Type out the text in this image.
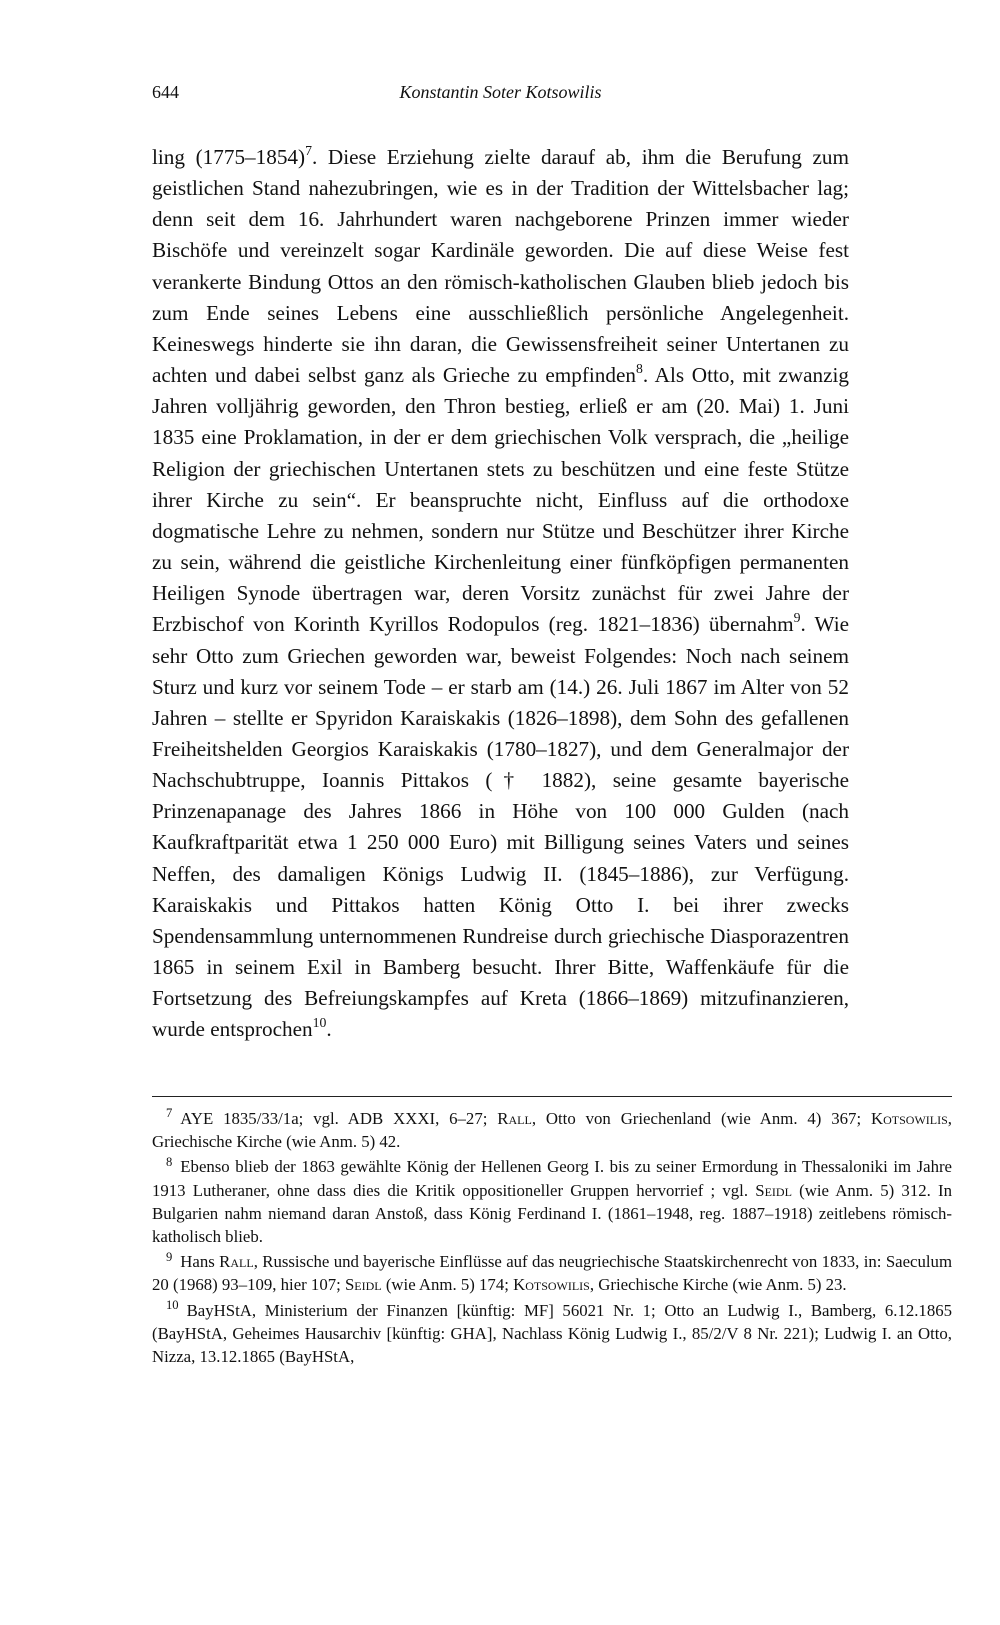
644	Konstantin Soter Kotsowilis

ling (1775–1854)$^7$. Diese Erziehung zielte darauf ab, ihm die Berufung zum geistlichen Stand nahezubringen, wie es in der Tradition der Wittelsbacher lag; denn seit dem 16. Jahrhundert waren nachgeborene Prinzen immer wieder Bischöfe und vereinzelt sogar Kardinäle geworden. Die auf diese Weise fest verankerte Bindung Ottos an den römisch-katholischen Glauben blieb jedoch bis zum Ende seines Lebens eine ausschließlich persönliche Angelegenheit. Keineswegs hinderte sie ihn daran, die Gewissensfreiheit seiner Untertanen zu achten und dabei selbst ganz als Grieche zu empfinden$^8$. Als Otto, mit zwanzig Jahren volljährig geworden, den Thron bestieg, erließ er am (20. Mai) 1. Juni 1835 eine Proklamation, in der er dem griechischen Volk versprach, die „heilige Religion der griechischen Untertanen stets zu beschützen und eine feste Stütze ihrer Kirche zu sein“. Er beanspruchte nicht, Einfluss auf die orthodoxe dogmatische Lehre zu nehmen, sondern nur Stütze und Beschützer ihrer Kirche zu sein, während die geistliche Kirchenleitung einer fünfköpfigen permanenten Heiligen Synode übertragen war, deren Vorsitz zunächst für zwei Jahre der Erzbischof von Korinth Kyrillos Rodopulos (reg. 1821–1836) übernahm$^9$. Wie sehr Otto zum Griechen geworden war, beweist Folgendes: Noch nach seinem Sturz und kurz vor seinem Tode – er starb am (14.) 26. Juli 1867 im Alter von 52 Jahren – stellte er Spyridon Karaiskakis (1826–1898), dem Sohn des gefallenen Freiheitshelden Georgios Karaiskakis (1780–1827), und dem Generalmajor der Nachschubtruppe, Ioannis Pittakos († 1882), seine gesamte bayerische Prinzenapanage des Jahres 1866 in Höhe von 100 000 Gulden (nach Kaufkraftparität etwa 1 250 000 Euro) mit Billigung seines Vaters und seines Neffen, des damaligen Königs Ludwig II. (1845–1886), zur Verfügung. Karaiskakis und Pittakos hatten König Otto I. bei ihrer zwecks Spendensammlung unternommenen Rundreise durch griechische Diasporazentren 1865 in seinem Exil in Bamberg besucht. Ihrer Bitte, Waffenkäufe für die Fortsetzung des Befreiungskampfes auf Kreta (1866–1869) mitzufinanzieren, wurde entsprochen$^{10}$.

$^7$ AYE 1835/33/1a; vgl. ADB XXXI, 6–27; Rall, Otto von Griechenland (wie Anm. 4) 367; Kotsowilis, Griechische Kirche (wie Anm. 5) 42.

$^8$ Ebenso blieb der 1863 gewählte König der Hellenen Georg I. bis zu seiner Ermordung in Thessaloniki im Jahre 1913 Lutheraner, ohne dass dies die Kritik oppositioneller Gruppen hervorrief ; vgl. Seidl (wie Anm. 5) 312. In Bulgarien nahm niemand daran Anstoß, dass König Ferdinand I. (1861–1948, reg. 1887–1918) zeitlebens römisch-katholisch blieb.

$^9$ Hans Rall, Russische und bayerische Einflüsse auf das neugriechische Staatskirchenrecht von 1833, in: Saeculum 20 (1968) 93–109, hier 107; Seidl (wie Anm. 5) 174; Kotsowilis, Griechische Kirche (wie Anm. 5) 23.

$^{10}$ BayHStA, Ministerium der Finanzen [künftig: MF] 56021 Nr. 1; Otto an Ludwig I., Bamberg, 6.12.1865 (BayHStA, Geheimes Hausarchiv [künftig: GHA], Nachlass König Ludwig I., 85/2/V 8 Nr. 221); Ludwig I. an Otto, Nizza, 13.12.1865 (BayHStA,
